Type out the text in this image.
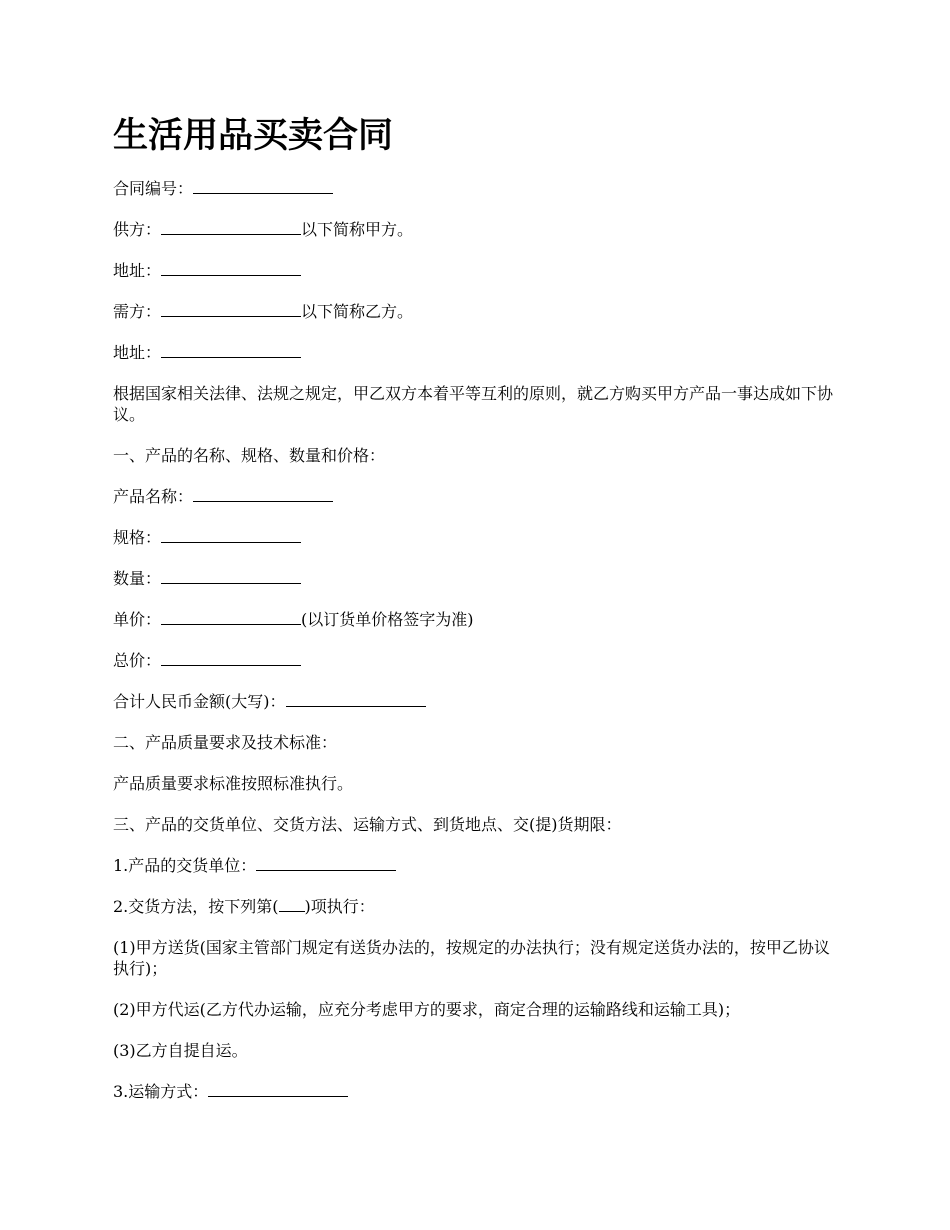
生活用品买卖合同

合同编号：

供方：	以下简称甲方。

地址：

需方：	以下简称乙方。

地址：

根据国家相关法律、法规之规定，甲乙双方本着平等互利的原则，就乙方购买甲方产品一事达成如下协议。

一、产品的名称、规格、数量和价格：

产品名称：

规格：

数量：

单价：	(以订货单价格签字为准)

总价：

合计人民币金额(大写)：

二、产品质量要求及技术标准：

产品质量要求标准按照标准执行。

三、产品的交货单位、交货方法、运输方式、到货地点、交(提)货期限：

1.产品的交货单位：

2.交货方法，按下列第( )项执行：

(1)甲方送货(国家主管部门规定有送货办法的，按规定的办法执行；没有规定送货办法的，按甲乙协议执行)；

(2)甲方代运(乙方代办运输，应充分考虑甲方的要求，商定合理的运输路线和运输工具)；

(3)乙方自提自运。

3.运输方式：
